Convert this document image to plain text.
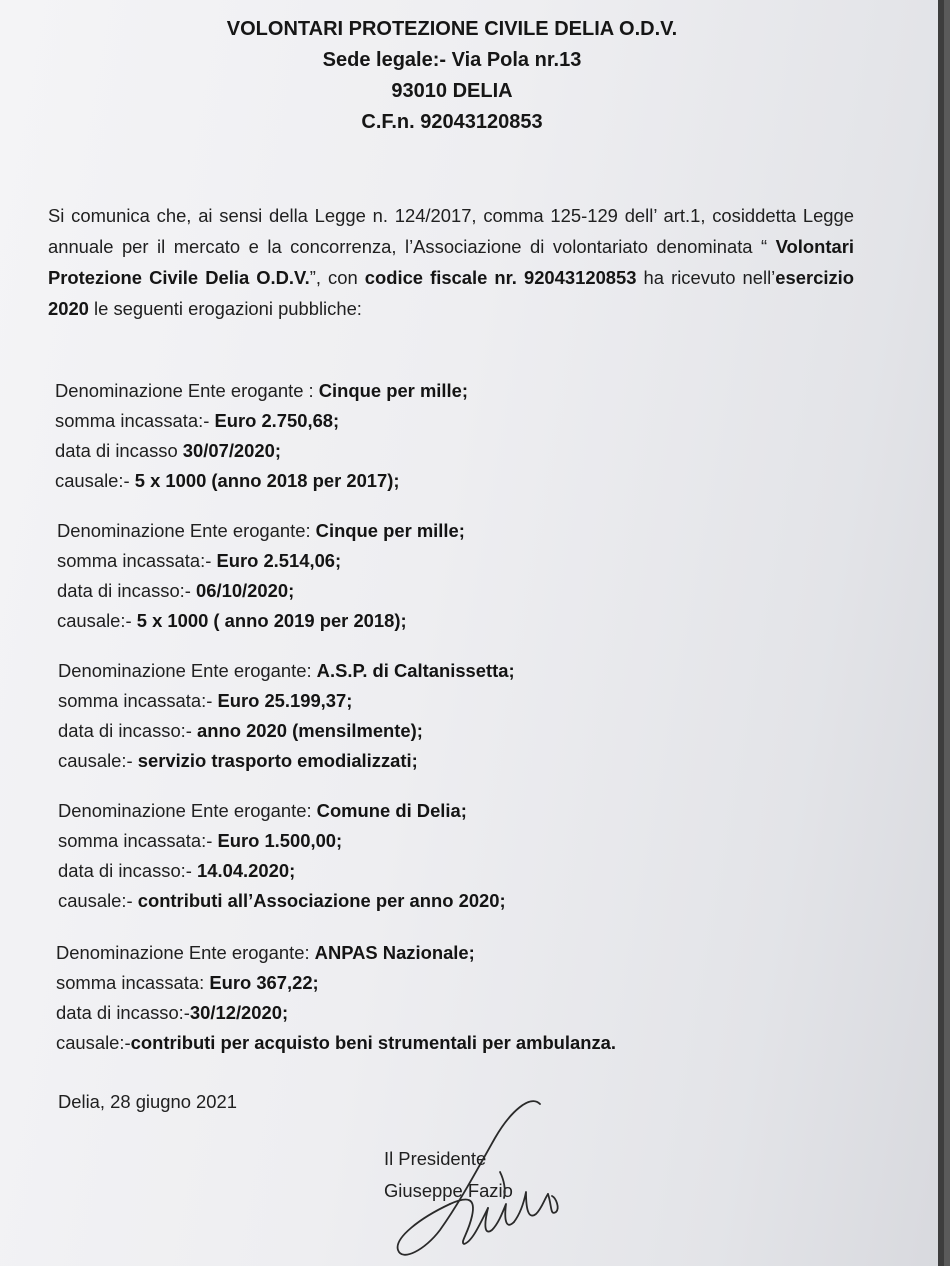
VOLONTARI PROTEZIONE CIVILE DELIA O.D.V.
Sede legale:- Via Pola nr.13
93010 DELIA
C.F.n. 92043120853

Si comunica che, ai sensi della Legge n. 124/2017, comma 125-129 dell’ art.1, cosiddetta Legge annuale per il mercato e la concorrenza, l’Associazione di volontariato denominata “ Volontari Protezione Civile Delia O.D.V.”, con codice fiscale nr. 92043120853 ha ricevuto nell’esercizio 2020 le seguenti erogazioni pubbliche:

Denominazione Ente erogante : Cinque per mille;
somma incassata:- Euro 2.750,68;
data di incasso 30/07/2020;
causale:- 5 x 1000 (anno 2018 per 2017);
Denominazione Ente erogante: Cinque per mille;
somma incassata:- Euro 2.514,06;
data di incasso:- 06/10/2020;
causale:- 5 x 1000 ( anno 2019 per 2018);
Denominazione Ente erogante: A.S.P. di Caltanissetta;
somma incassata:- Euro 25.199,37;
data di incasso:- anno 2020 (mensilmente);
causale:- servizio trasporto emodializzati;
Denominazione Ente erogante: Comune di Delia;
somma incassata:- Euro 1.500,00;
data di incasso:- 14.04.2020;
causale:- contributi all’Associazione per anno 2020;
Denominazione Ente erogante: ANPAS Nazionale;
somma incassata: Euro 367,22;
data di incasso:-30/12/2020;
causale:-contributi per acquisto beni strumentali per ambulanza.
Delia, 28 giugno 2021
Il Presidente
Giuseppe Fazio
